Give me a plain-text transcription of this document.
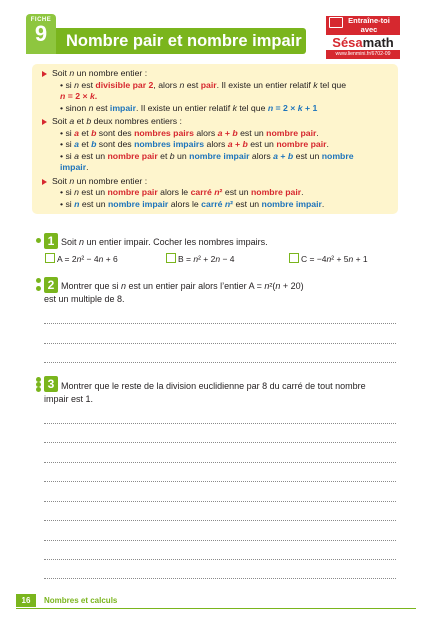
FICHE
9	Nombre pair et nombre impair
Entraîne-toi
avec
Sésamath
www.lienmini.fr/6702-09

Soit n un nombre entier :

• si n est divisible par 2, alors n est pair. Il existe un entier relatif k tel que

n = 2 × k.

• sinon n est impair. Il existe un entier relatif k tel que n = 2 × k + 1

Soit a et b deux nombres entiers :

• si a et b sont des nombres pairs alors a + b est un nombre pair.

• si a et b sont des nombres impairs alors a + b est un nombre pair.

• si a est un nombre pair et b un nombre impair alors a + b est un nombre

impair.

Soit n un nombre entier :

• si n est un nombre pair alors le carré n² est un nombre pair.

• si n est un nombre impair alors le carré n² est un nombre impair.

1 Soit n un entier impair. Cocher les nombres impairs.
A = 2n² − 4n + 6	B = n² + 2n − 4	C = −4n² + 5n + 1
2 Montrer que si n est un entier pair alors l’entier A = n²(n + 20)
est un multiple de 8.
3 Montrer que le reste de la division euclidienne par 8 du carré de tout nombre
impair est 1.
16	Nombres et calculs
